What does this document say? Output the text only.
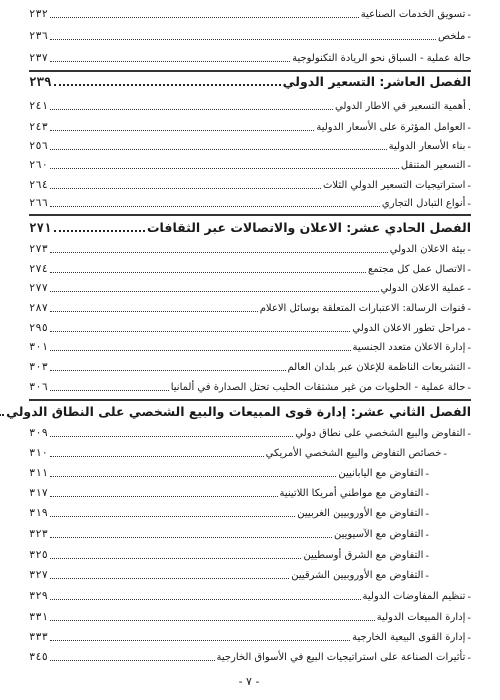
-
تسويق الخدمات الصناعية
٢٣٢
-
ملخص
٢٣٦
حالة عملية - السباق نحو الريادة التكنولوجية
٢٣٧
الفصل العاشر: التسعير الدولي
٢٣٩
.
أهمية التسعير في الاطار الدولي
٢٤١
-
العوامل المؤثرة على الأسعار الدولية
٢٤٣
-
بناء الأسعار الدولية
٢٥٦
-
التسعير المتنقل
٢٦٠
-
استراتيجيات التسعير الدولي الثلاث
٢٦٤
-
أنواع التبادل التجاري
٢٦٦
الفصل الحادي عشر: الاعلان والاتصالات عبر الثقافات
٢٧١
-
بيئة الاعلان الدولي
٢٧٣
-
الاتصال عمل كل مجتمع
٢٧٤
-
عملية الاعلان الدولي
٢٧٧
-
قنوات الرسالة: الاعتبارات المتعلقة بوسائل الاعلام
٢٨٧
-
مراحل تطور الاعلان الدولي
٢٩٥
-
إدارة الاعلان متعدد الجنسية
٣٠١
-
التشريعات الناظمة للإعلان عبر بلدان العالم
٣٠٣
-
حالة عملية - الحلويات من غير مشتقات الحليب تحتل الصدارة في ألمانيا
٣٠٦
الفصل الثاني عشر: إدارة قوى المبيعات والبيع الشخصي على النطاق الدولي
-
التفاوض والبيع الشخصي على نطاق دولي
٣٠٩
-
خصائص التفاوض والبيع الشخصي الأمريكي
٣١٠
-
التفاوض مع اليابانيين
٣١١
-
التفاوض مع مواطني أمريكا اللاتينية
٣١٧
-
التفاوض مع الأوروبيين الغربيين
٣١٩
-
التفاوض مع الآسيويين
٣٢٣
-
التفاوض مع الشرق أوسطيين
٣٢٥
-
التفاوض مع الأوروبيين الشرقيين
٣٢٧
-
تنظيم المفاوضات الدولية
٣٢٩
-
إدارة المبيعات الدولية
٣٣١
-
إدارة القوى البيعية الخارجية
٣٣٣
-
تأثيرات الصناعة على استراتيجيات البيع في الأسواق الخارجية
٣٤٥
- ٧ -
